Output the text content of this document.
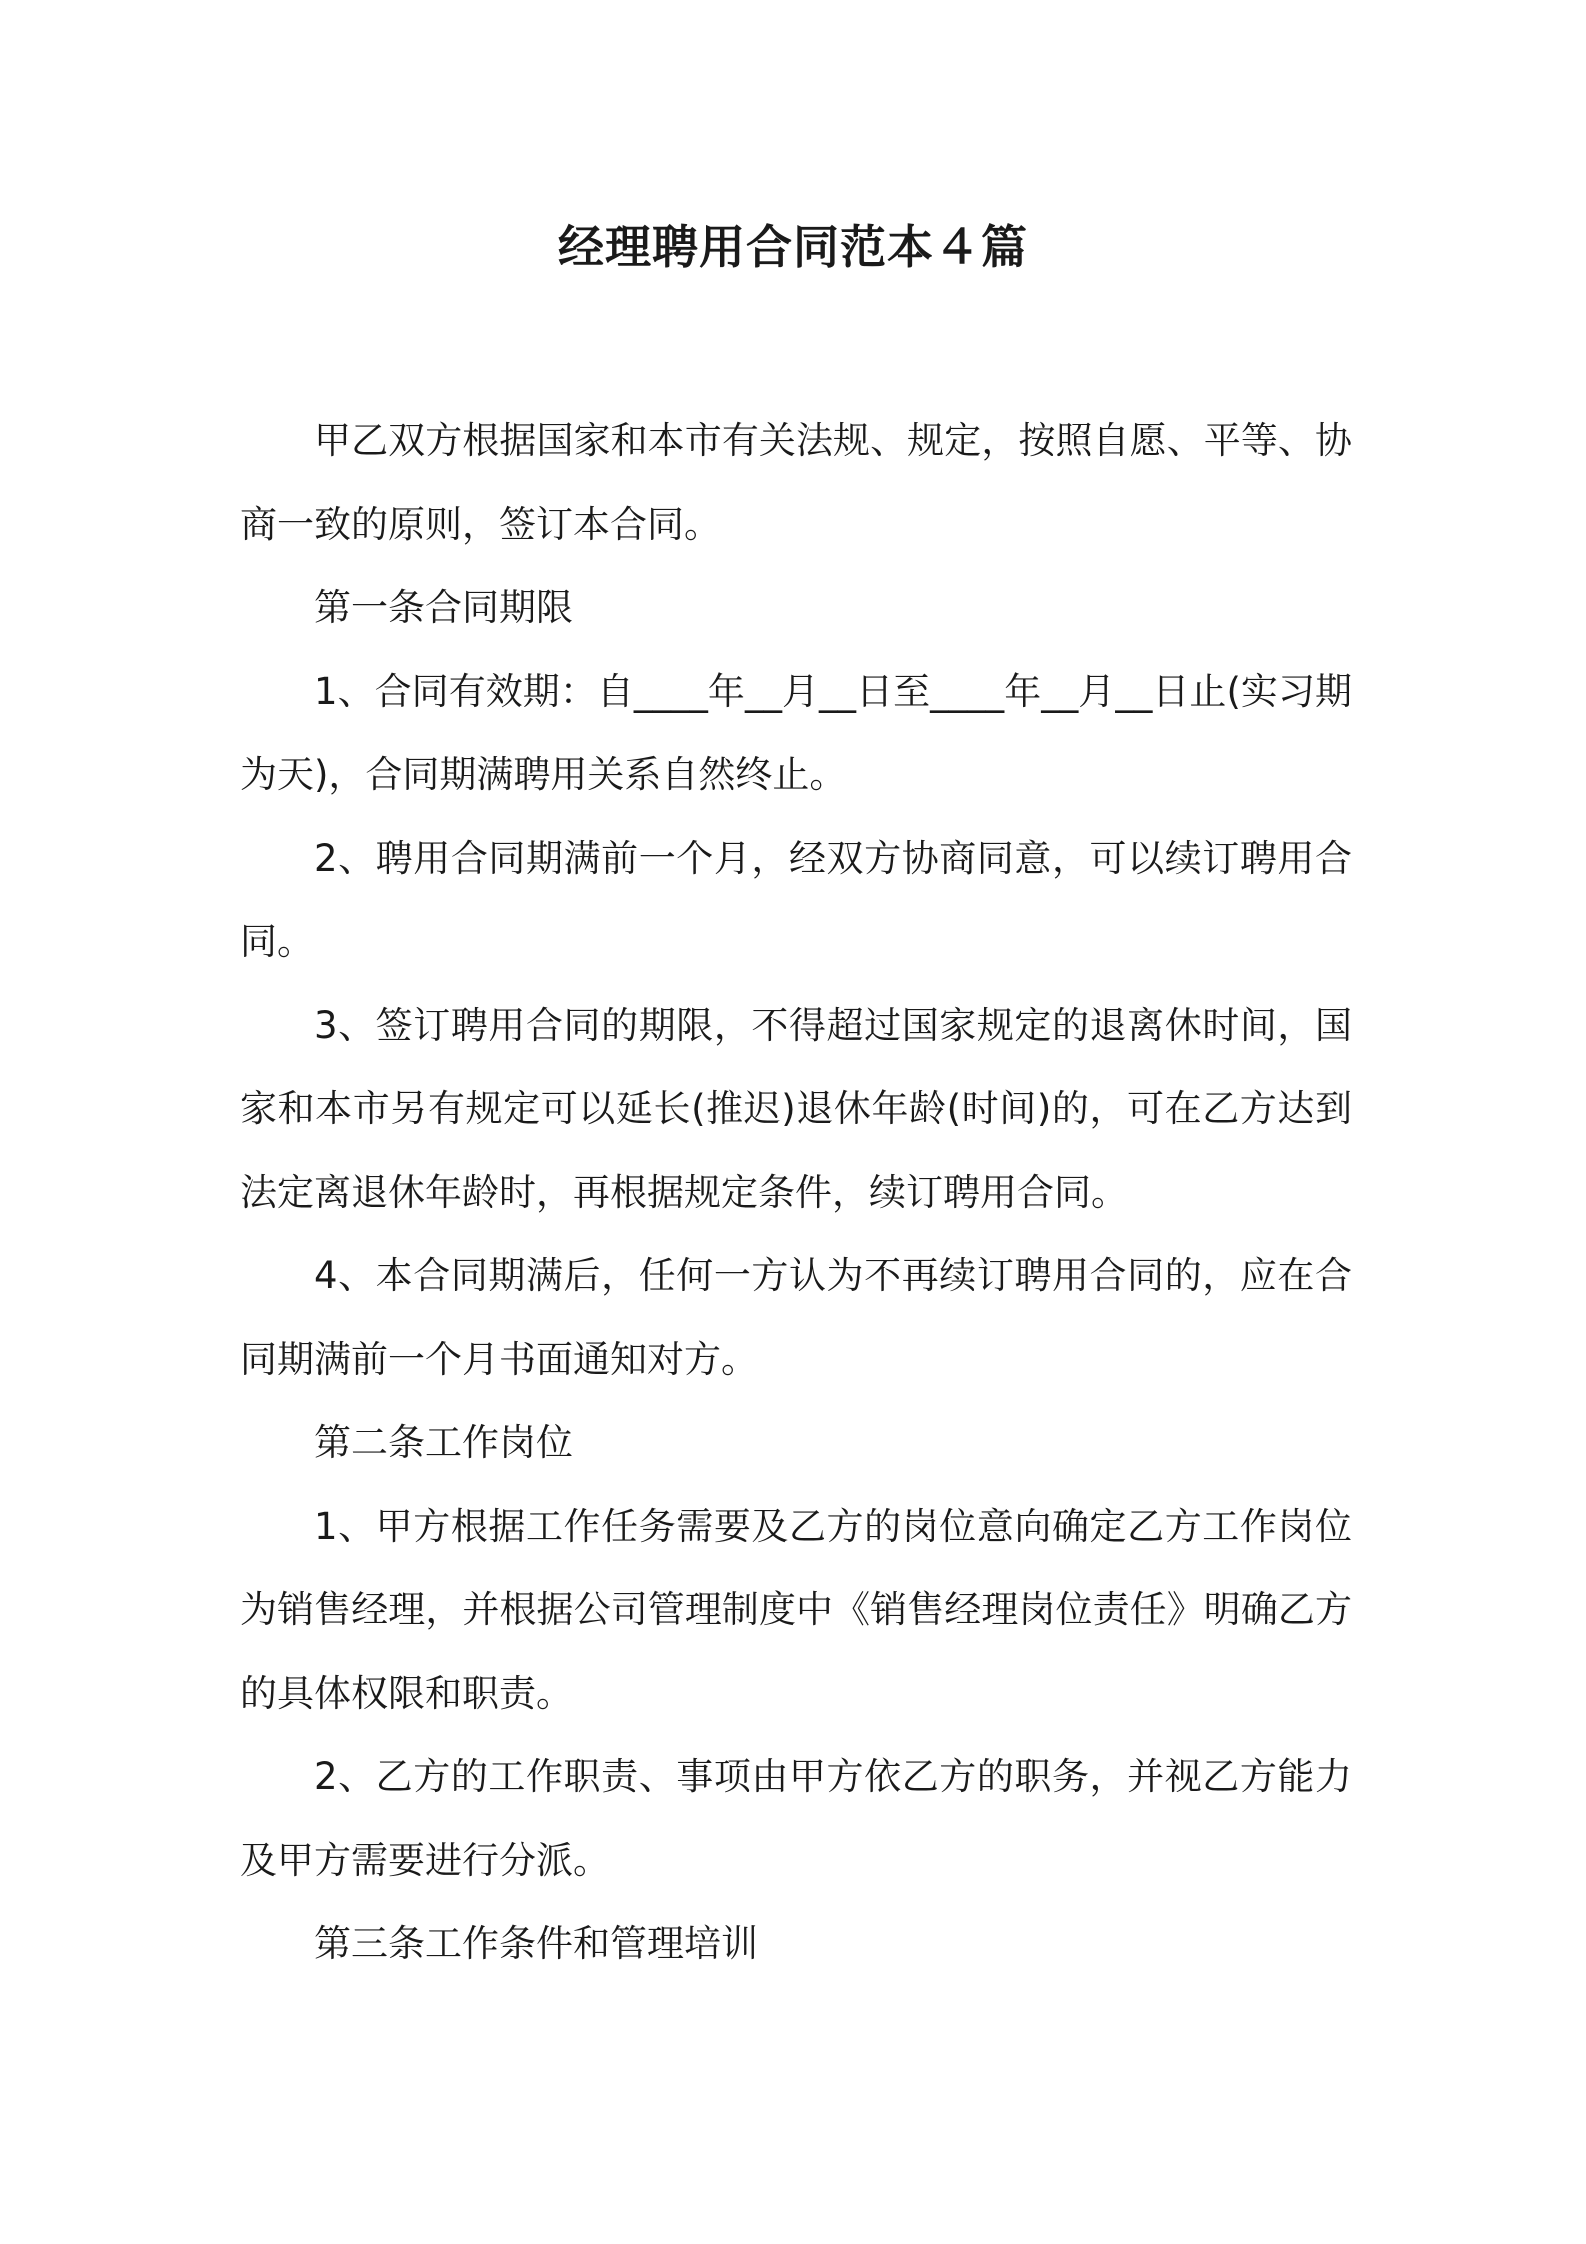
经理聘用合同范本４篇

甲乙双方根据国家和本市有关法规、规定，按照自愿、平等、协商一致的原则，签订本合同。

第一条合同期限

1、合同有效期：自____年__月__日至____年__月__日止(实习期为天)，合同期满聘用关系自然终止。

2、聘用合同期满前一个月，经双方协商同意，可以续订聘用合同。

3、签订聘用合同的期限，不得超过国家规定的退离休时间，国家和本市另有规定可以延长(推迟)退休年龄(时间)的，可在乙方达到法定离退休年龄时，再根据规定条件，续订聘用合同。

4、本合同期满后，任何一方认为不再续订聘用合同的，应在合同期满前一个月书面通知对方。

第二条工作岗位

1、甲方根据工作任务需要及乙方的岗位意向确定乙方工作岗位为销售经理，并根据公司管理制度中《销售经理岗位责任》明确乙方的具体权限和职责。

2、乙方的工作职责、事项由甲方依乙方的职务，并视乙方能力及甲方需要进行分派。

第三条工作条件和管理培训
